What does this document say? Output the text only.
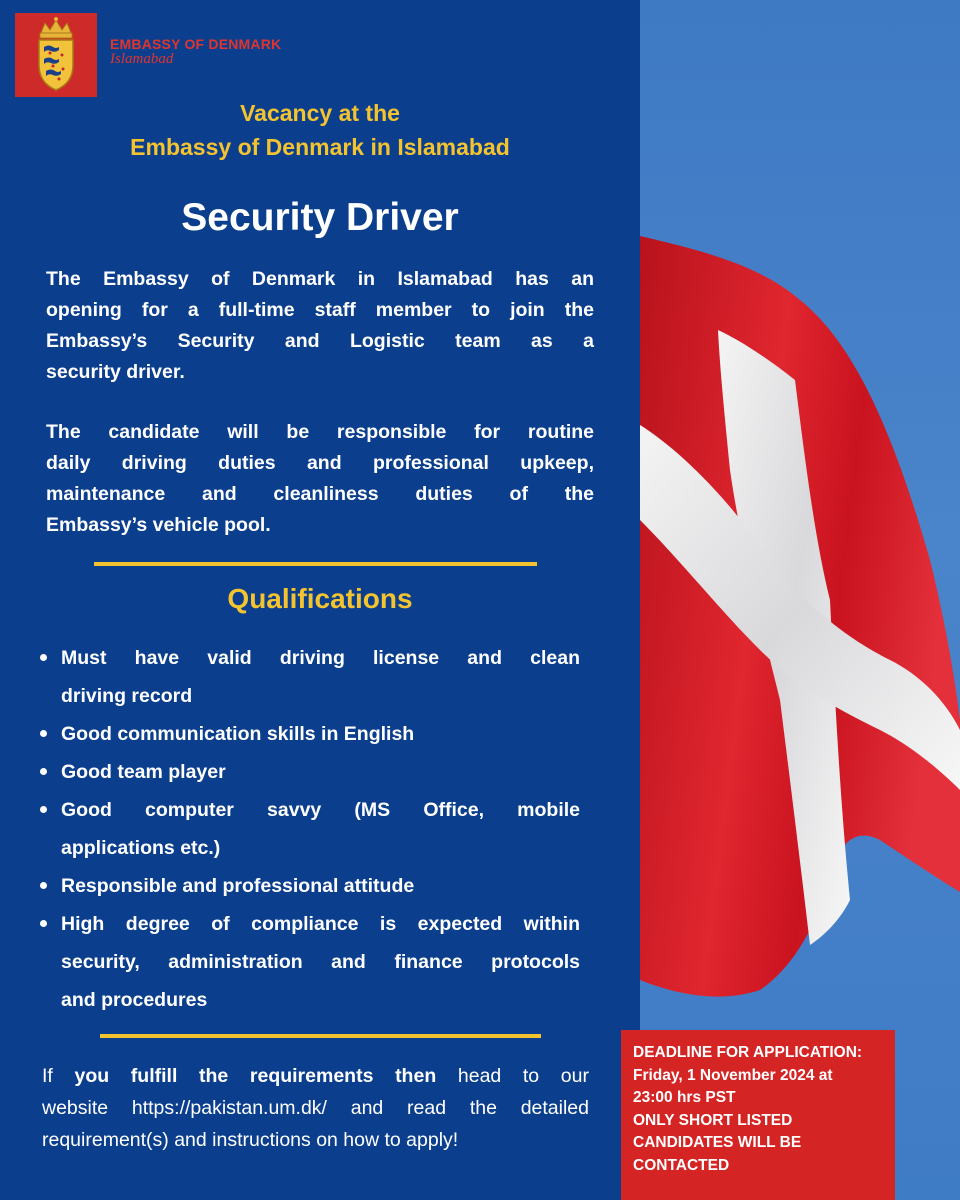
EMBASSY OF DENMARK
Islamabad
Vacancy at the
Embassy of Denmark in Islamabad
Security Driver
The Embassy of Denmark in Islamabad has an
opening for a full-time staff member to join the
Embassy’s Security and Logistic team as a
security driver.
The candidate will be responsible for routine
daily driving duties and professional upkeep,
maintenance and cleanliness duties of the
Embassy’s vehicle pool.
Qualifications
Must have valid driving license and clean
driving record
Good communication skills in English
Good team player
Good computer savvy (MS Office, mobile
applications etc.)
Responsible and professional attitude
High degree of compliance is expected within
security, administration and finance protocols
and procedures
If you fulfill the requirements then head to our
website https://pakistan.um.dk/ and read the detailed
requirement(s) and instructions on how to apply!
DEADLINE FOR APPLICATION:
Friday, 1 November 2024 at
23:00 hrs PST
ONLY SHORT LISTED
CANDIDATES WILL BE
CONTACTED
